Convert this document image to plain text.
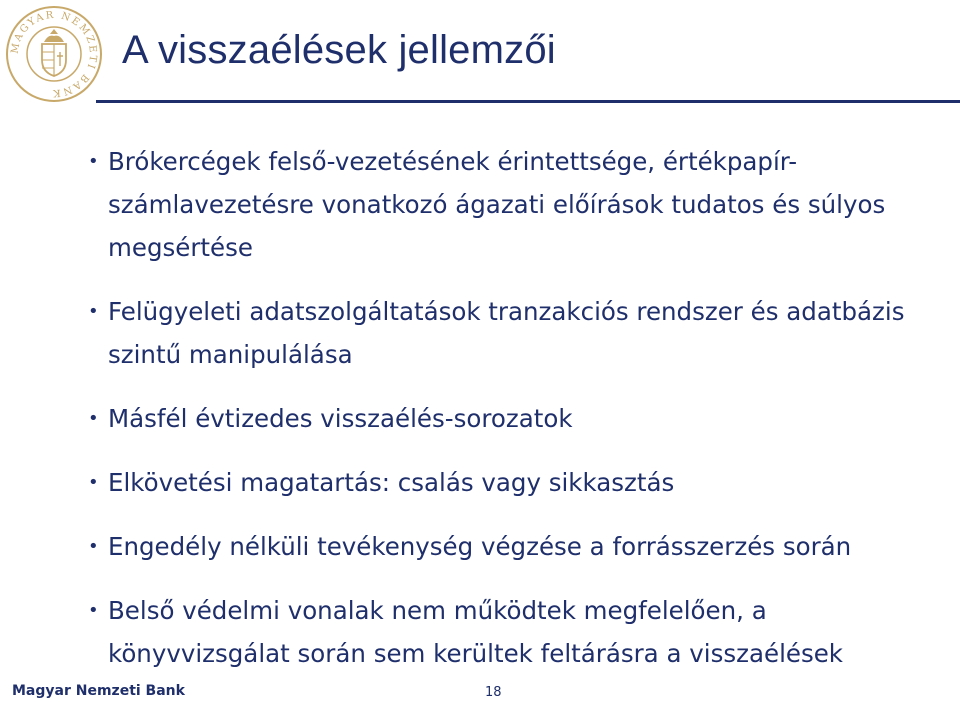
MAGYAR NEMZETI BANK
A visszaélések jellemzői
• Brókercégek felső-vezetésének érintettsége, értékpapír-számlavezetésre vonatkozó ágazati előírások tudatos és súlyos megsértése
• Felügyeleti adatszolgáltatások tranzakciós rendszer és adatbázis szintű manipulálása
• Másfél évtizedes visszaélés-sorozatok
• Elkövetési magatartás: csalás vagy sikkasztás
• Engedély nélküli tevékenység végzése a forrásszerzés során
• Belső védelmi vonalak nem működtek megfelelően, a könyvvizsgálat során sem kerültek feltárásra a visszaélések
Magyar Nemzeti Bank	18
